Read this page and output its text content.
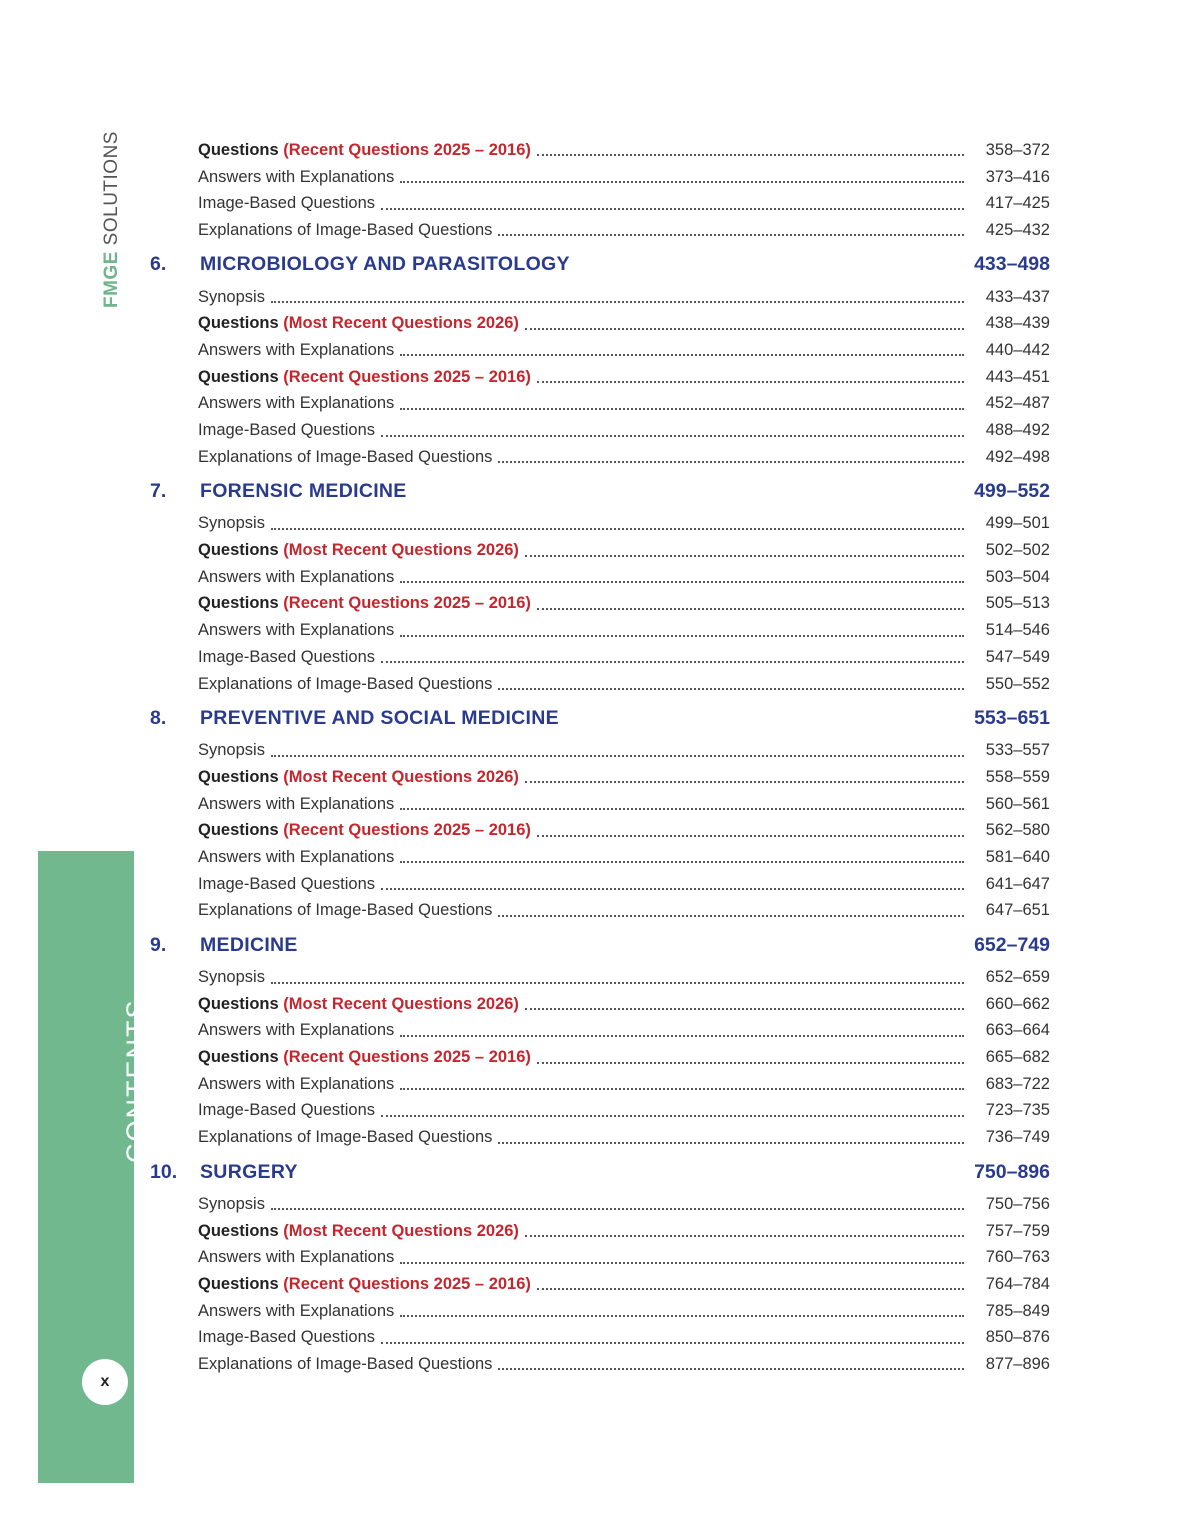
FMGE SOLUTIONS
CONTENTS
x
Questions (Recent Questions 2025 – 2016)	358–372
Answers with Explanations	373–416
Image-Based Questions	417–425
Explanations of Image-Based Questions	425–432
6.	MICROBIOLOGY AND PARASITOLOGY	433–498
Synopsis	433–437
Questions (Most Recent Questions 2026)	438–439
Answers with Explanations	440–442
Questions (Recent Questions 2025 – 2016)	443–451
Answers with Explanations	452–487
Image-Based Questions	488–492
Explanations of Image-Based Questions	492–498
7.	FORENSIC MEDICINE	499–552
Synopsis	499–501
Questions (Most Recent Questions 2026)	502–502
Answers with Explanations	503–504
Questions (Recent Questions 2025 – 2016)	505–513
Answers with Explanations	514–546
Image-Based Questions	547–549
Explanations of Image-Based Questions	550–552
8.	PREVENTIVE AND SOCIAL MEDICINE	553–651
Synopsis	533–557
Questions (Most Recent Questions 2026)	558–559
Answers with Explanations	560–561
Questions (Recent Questions 2025 – 2016)	562–580
Answers with Explanations	581–640
Image-Based Questions	641–647
Explanations of Image-Based Questions	647–651
9.	MEDICINE	652–749
Synopsis	652–659
Questions (Most Recent Questions 2026)	660–662
Answers with Explanations	663–664
Questions (Recent Questions 2025 – 2016)	665–682
Answers with Explanations	683–722
Image-Based Questions	723–735
Explanations of Image-Based Questions	736–749
10.	SURGERY	750–896
Synopsis	750–756
Questions (Most Recent Questions 2026)	757–759
Answers with Explanations	760–763
Questions (Recent Questions 2025 – 2016)	764–784
Answers with Explanations	785–849
Image-Based Questions	850–876
Explanations of Image-Based Questions	877–896
